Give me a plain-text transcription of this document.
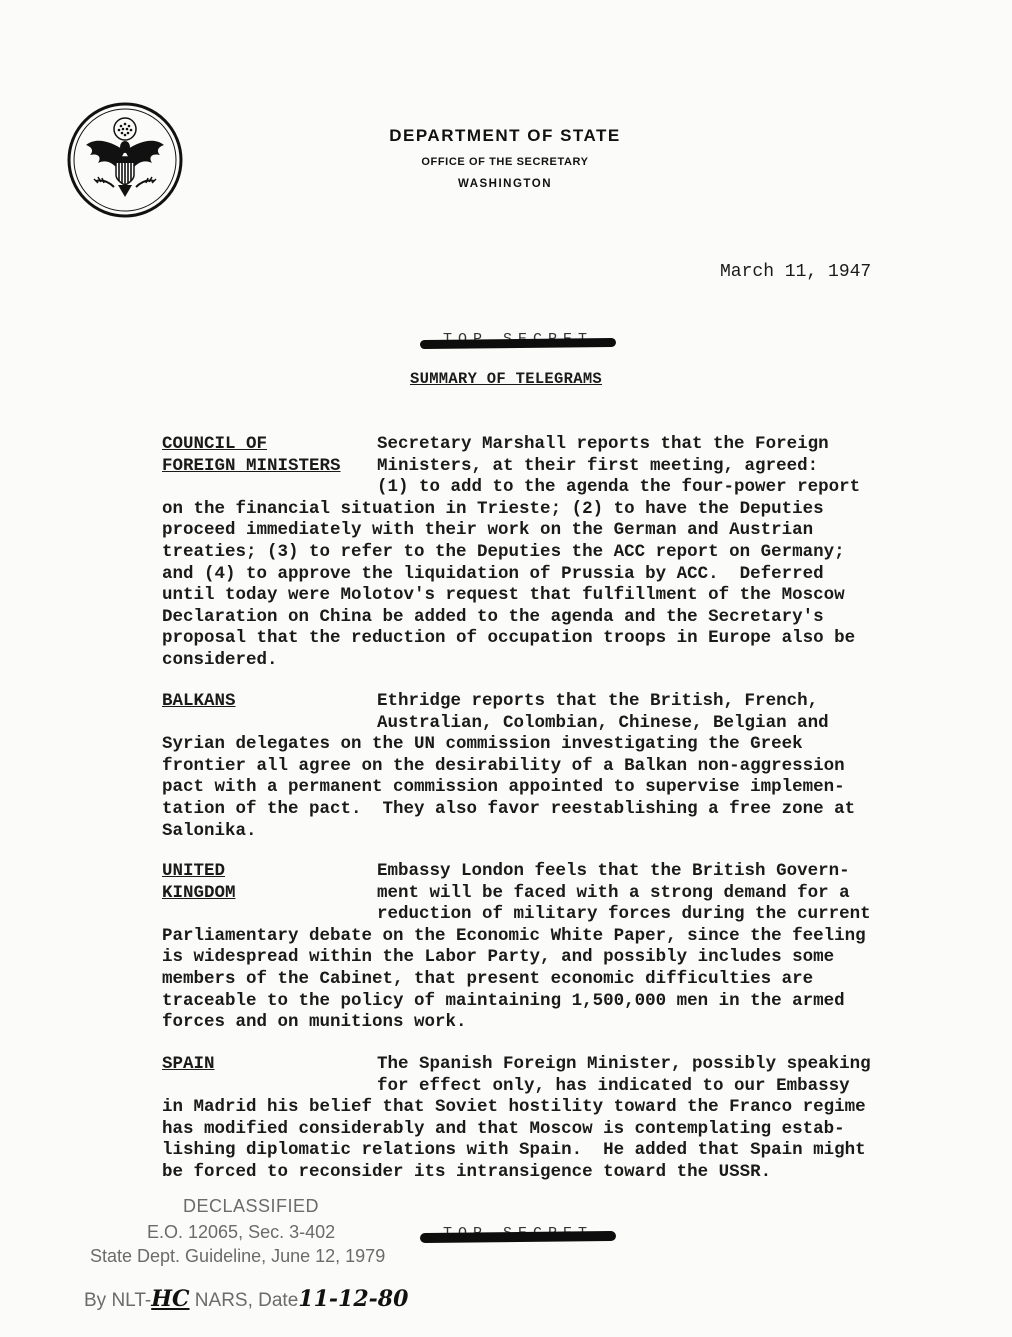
DEPARTMENT OF STATE

OFFICE OF THE SECRETARY

WASHINGTON

March 11, 1947
SUMMARY OF TELEGRAMS
COUNCIL OF
FOREIGN MINISTERS
Secretary Marshall reports that the Foreign
Ministers, at their first meeting, agreed:
(1) to add to the agenda the four-power report
on the financial situation in Trieste; (2) to have the Deputies
proceed immediately with their work on the German and Austrian
treaties; (3) to refer to the Deputies the ACC report on Germany;
and (4) to approve the liquidation of Prussia by ACC.  Deferred
until today were Molotov's request that fulfillment of the Moscow
Declaration on China be added to the agenda and the Secretary's
proposal that the reduction of occupation troops in Europe also be
considered.
BALKANS	Ethridge reports that the British, French,
Australian, Colombian, Chinese, Belgian and
Syrian delegates on the UN commission investigating the Greek
frontier all agree on the desirability of a Balkan non-aggression
pact with a permanent commission appointed to supervise implemen-
tation of the pact.  They also favor reestablishing a free zone at
Salonika.
UNITED
KINGDOM
Embassy London feels that the British Govern-
ment will be faced with a strong demand for a
reduction of military forces during the current
Parliamentary debate on the Economic White Paper, since the feeling
is widespread within the Labor Party, and possibly includes some
members of the Cabinet, that present economic difficulties are
traceable to the policy of maintaining 1,500,000 men in the armed
forces and on munitions work.
SPAIN	The Spanish Foreign Minister, possibly speaking
for effect only, has indicated to our Embassy
in Madrid his belief that Soviet hostility toward the Franco regime
has modified considerably and that Moscow is contemplating estab-
lishing diplomatic relations with Spain.  He added that Spain might
be forced to reconsider its intransigence toward the USSR.
DECLASSIFIED
E.O. 12065, Sec. 3-402
State Dept. Guideline, June 12, 1979
By NLT-HC NARS, Date11-12-80
